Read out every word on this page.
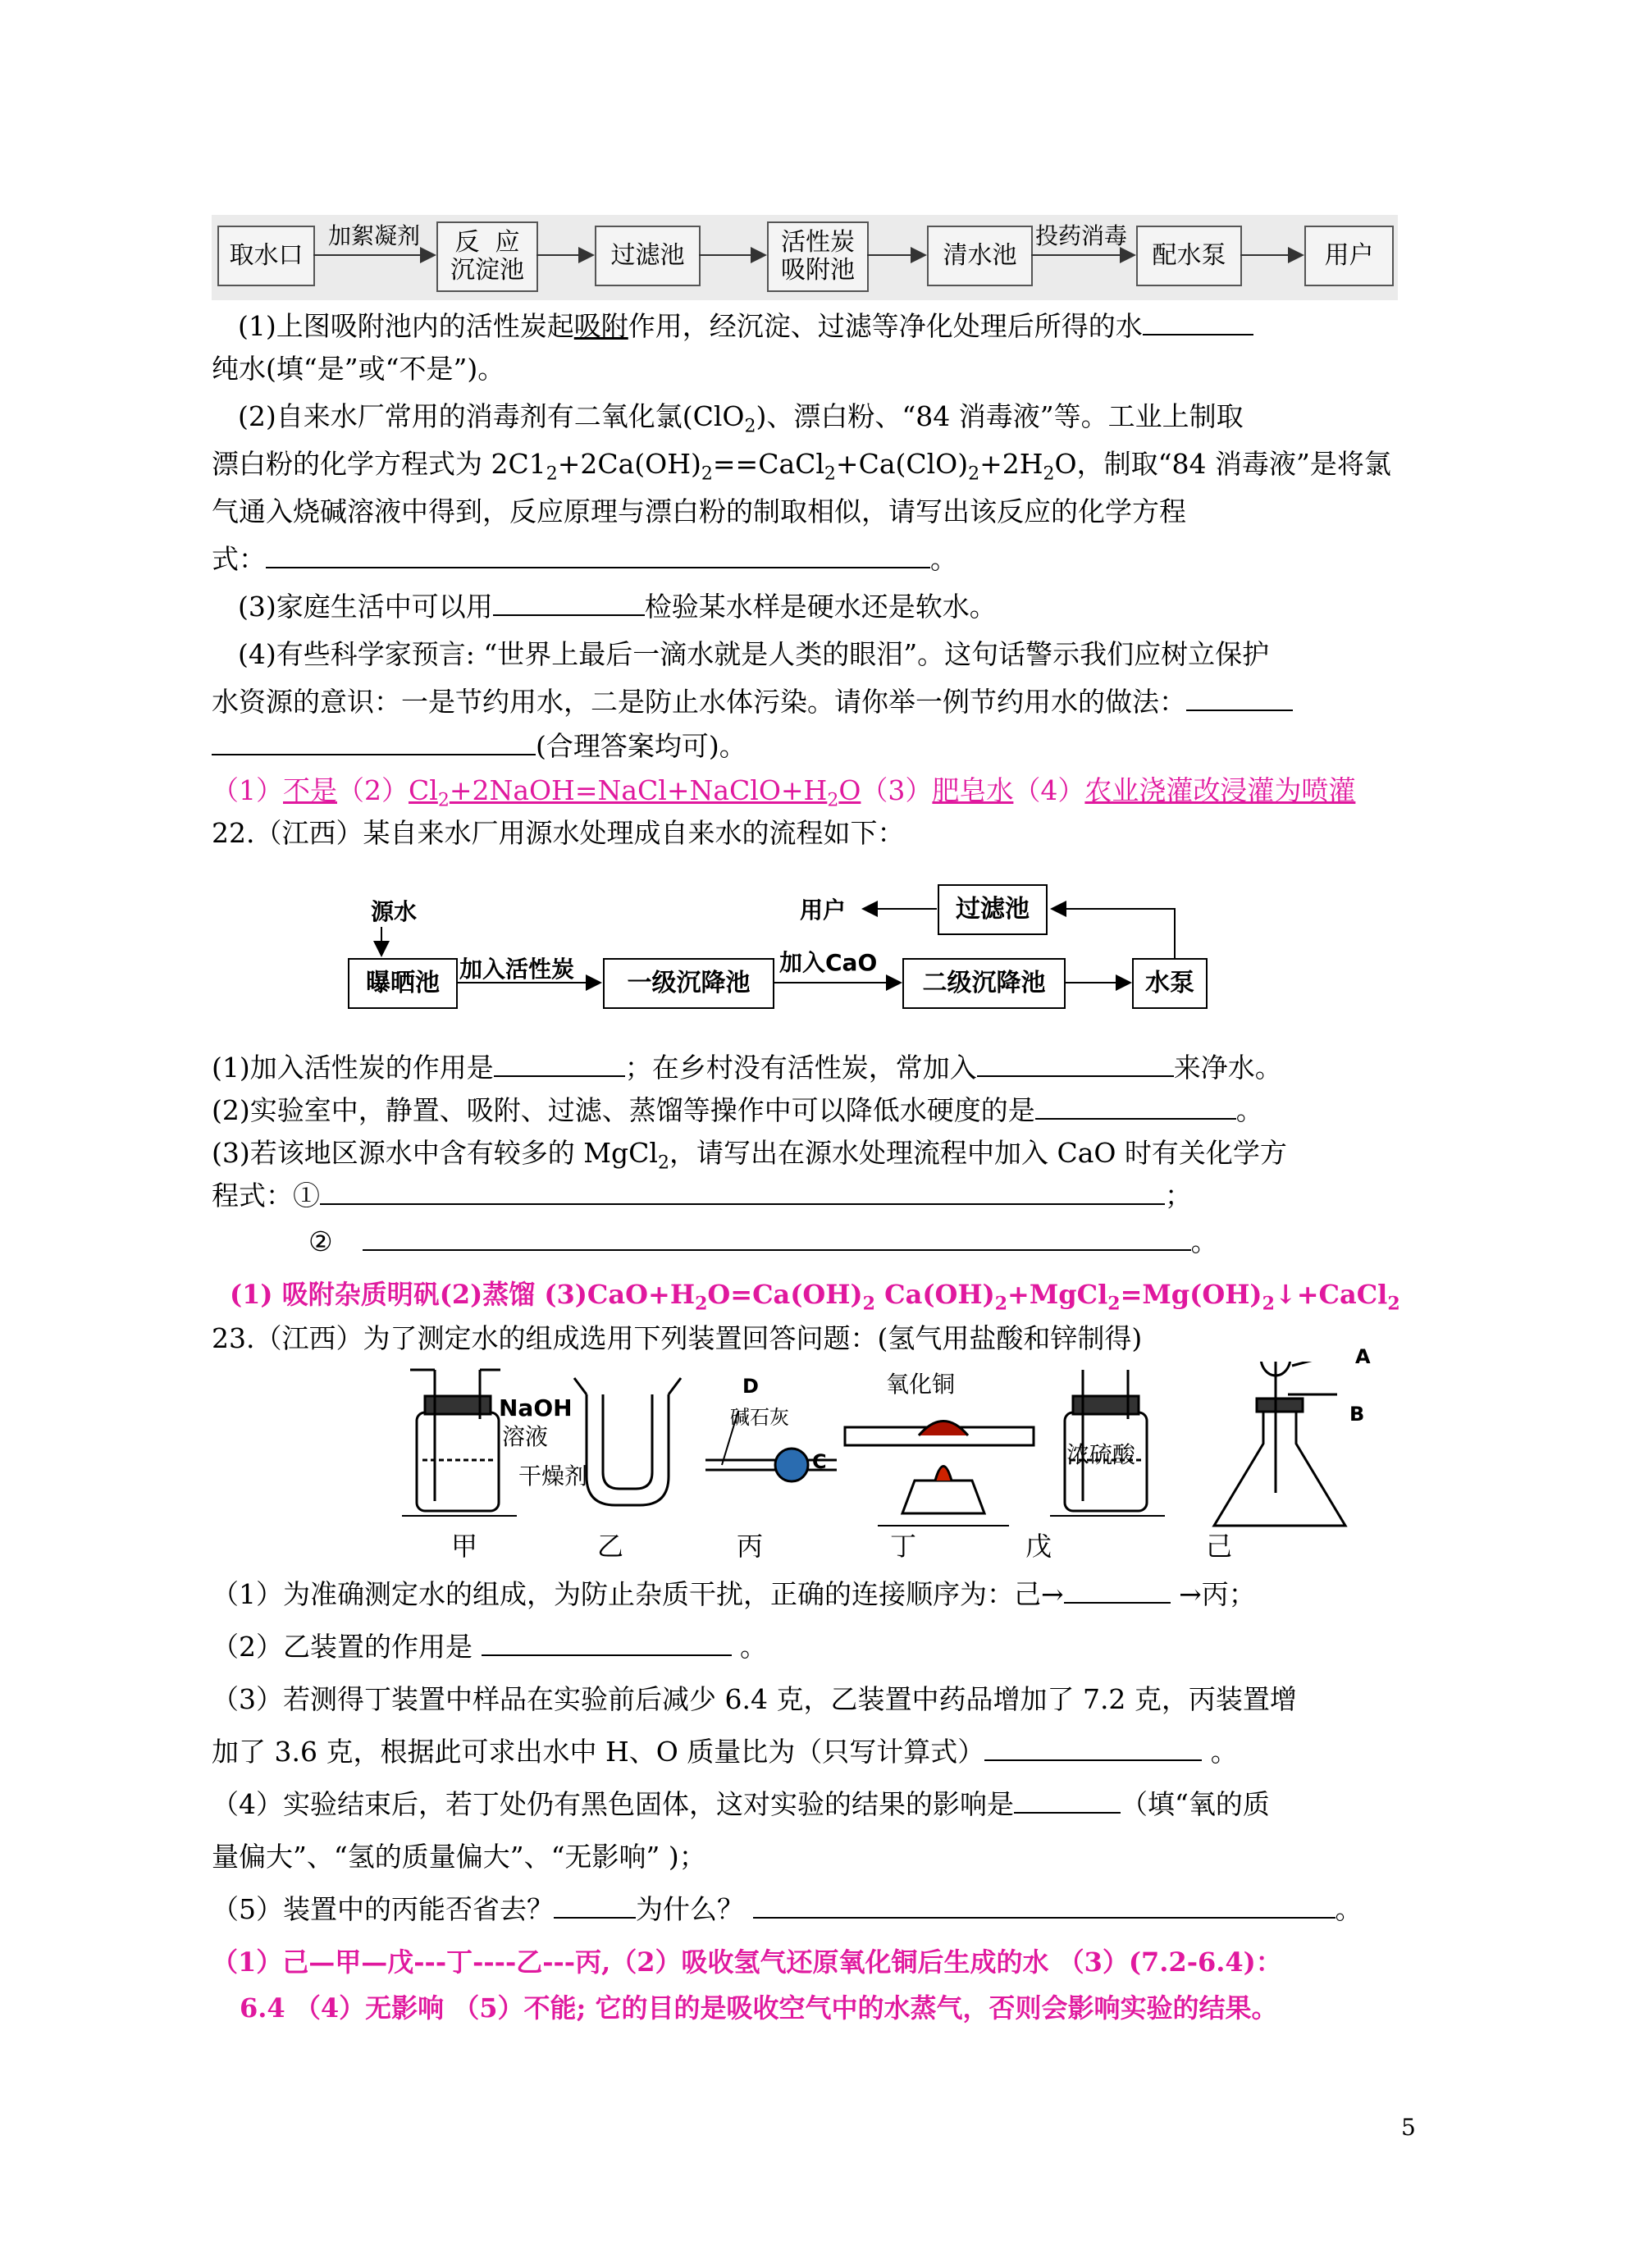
取水口	反  应
沉淀池
过滤池	活性炭
吸附池
清水池	配水泵	用户
加絮凝剂	投药消毒
(1)上图吸附池内的活性炭起吸附作用，经沉淀、过滤等净化处理后所得的水
纯水(填“是”或“不是”)。
(2)自来水厂常用的消毒剂有二氧化氯(ClO$_2$)、漂白粉、“84 消毒液”等。工业上制取
漂白粉的化学方程式为 $2C1_2+2Ca(OH)_2==CaCl_2+Ca(ClO)_2+2H_2O$，制取“84 消毒液”是将氯
气通入烧碱溶液中得到，反应原理与漂白粉的制取相似，请写出该反应的化学方程
式：	。
(3)家庭生活中可以用	检验某水样是硬水还是软水。
(4)有些科学家预言: “世界上最后一滴水就是人类的眼泪”。这句话警示我们应树立保护
水资源的意识：一是节约用水，二是防止水体污染。请你举一例节约用水的做法：
(合理答案均可)。
（1）不是$(2)Cl_2+2NaOH=NaCl+NaClO+H_2O(3)$肥皂水（4）农业浇灌改浸灌为喷灌
22.（江西）某自来水厂用源水处理成自来水的流程如下：
源水
曝晒池 加入活性炭	一级沉降池
加入CaO
二级沉降池	水泵
过滤池
用户
(1)加入活性炭的作用是	；在乡村没有活性炭，常加入	来净水。
(2)实验室中，静置、吸附、过滤、蒸馏等操作中可以降低水硬度的是	。
(3)若该地区源水中含有较多的 MgCl$_2$，请写出在源水处理流程中加入 CaO 时有关化学方
程式：①	；
②	。
(1) 吸附杂质明矾(2)蒸馏 $(3)CaO+H_2O=Ca(OH)_2$ $Ca(OH)_2+MgCl_2=Mg(OH)_2↓+CaCl_2$
23.（江西）为了测定水的组成选用下列装置回答问题：(氢气用盐酸和锌制得)
NaOH
溶液
干燥剂
碱石灰
氧化铜
浓硫酸
D
C
A
B
甲	乙	丙	丁	戊	己
（1）为准确测定水的组成，为防止杂质干扰，正确的连接顺序为：己→	→丙；
（2）乙装置的作用是	。
（3）若测得丁装置中样品在实验前后减少 6.4 克，乙装置中药品增加了 7.2 克，丙装置增
加了 3.6 克，根据此可求出水中 H、O 质量比为（只写计算式）	。
（4）实验结束后，若丁处仍有黑色固体，这对实验的结果的影响是	（填“氧的质
量偏大”、“氢的质量偏大”、“无影响” )；
（5）装置中的丙能否省去？	为什么？	。
（1）己—甲—戊---丁----乙---丙,（2）吸收氢气还原氧化铜后生成的水 （3）(7.2-6.4)：
6.4 （4）无影响 （5）不能; 它的目的是吸收空气中的水蒸气，否则会影响实验的结果。
5
